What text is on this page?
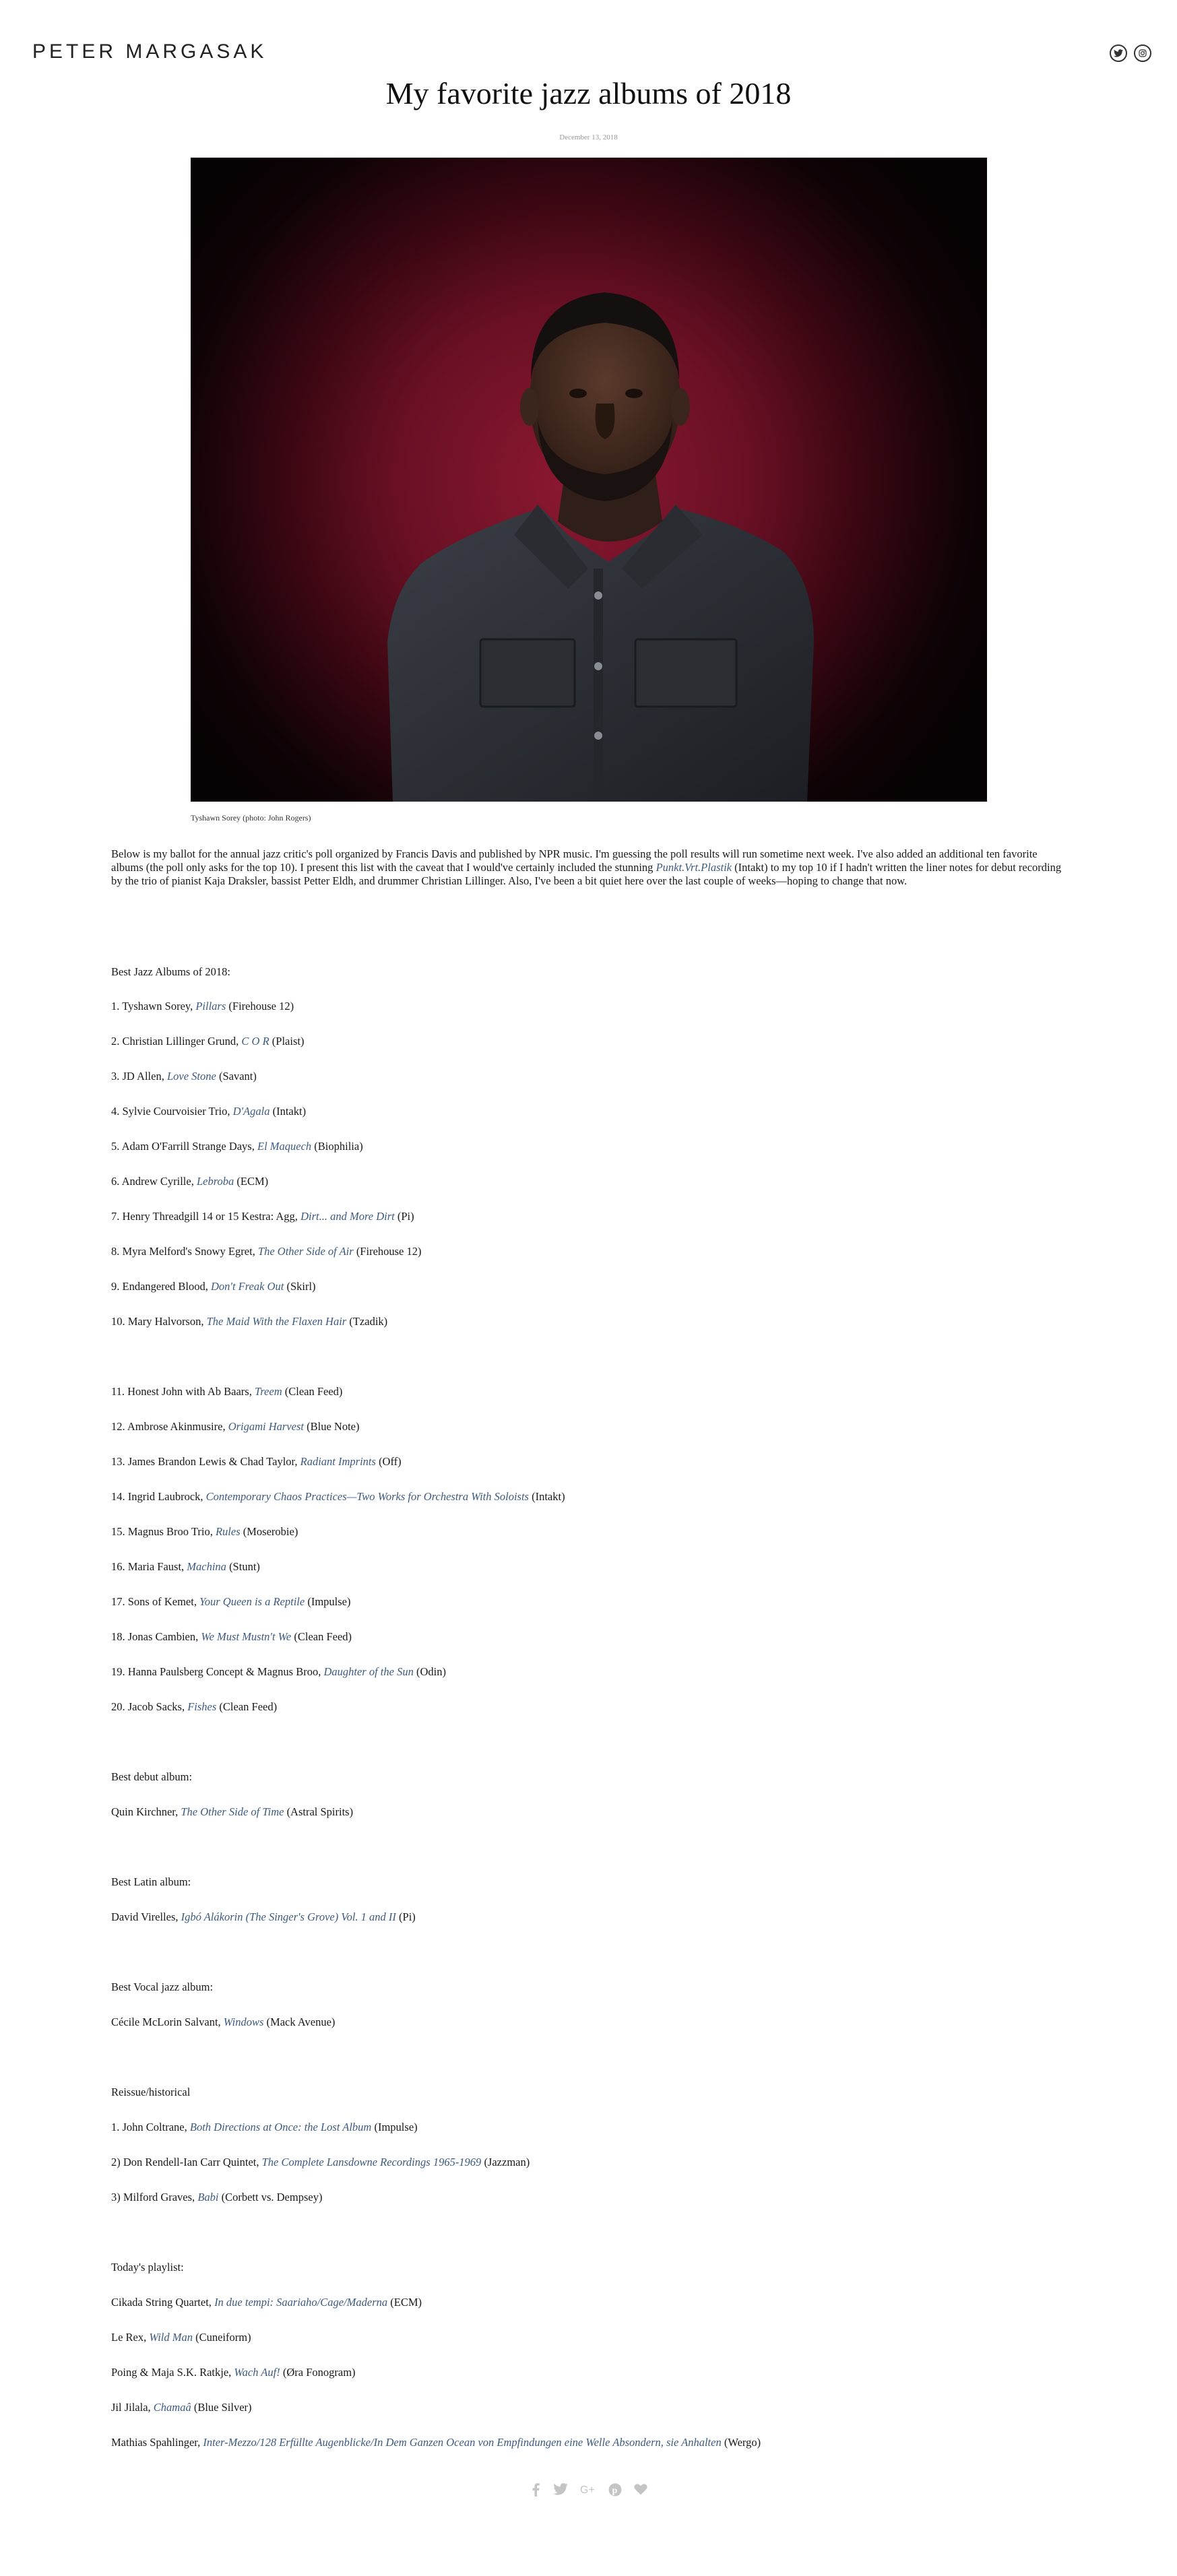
PETER MARGASAK
My favorite jazz albums of 2018
December 13, 2018
Tyshawn Sorey (photo: John Rogers)

Below is my ballot for the annual jazz critic's poll organized by Francis Davis and published by NPR music. I'm guessing the poll results will run sometime next week. I've also added an additional ten favorite albums (the poll only asks for the top 10). I present this list with the caveat that I would've certainly included the stunning Punkt.Vrt.Plastik (Intakt) to my top 10 if I hadn't written the liner notes for debut recording by the trio of pianist Kaja Draksler, bassist Petter Eldh, and drummer Christian Lillinger. Also, I've been a bit quiet here over the last couple of weeks—hoping to change that now.

Best Jazz Albums of 2018:

1. Tyshawn Sorey, Pillars (Firehouse 12)

2. Christian Lillinger Grund, C O R (Plaist)

3. JD Allen, Love Stone (Savant)

4. Sylvie Courvoisier Trio, D'Agala (Intakt)

5. Adam O'Farrill Strange Days, El Maquech (Biophilia)

6. Andrew Cyrille, Lebroba (ECM)

7. Henry Threadgill 14 or 15 Kestra: Agg, Dirt... and More Dirt (Pi)

8. Myra Melford's Snowy Egret, The Other Side of Air (Firehouse 12)

9. Endangered Blood, Don't Freak Out (Skirl)

10. Mary Halvorson, The Maid With the Flaxen Hair (Tzadik)

11. Honest John with Ab Baars, Treem (Clean Feed)

12. Ambrose Akinmusire, Origami Harvest (Blue Note)

13. James Brandon Lewis & Chad Taylor, Radiant Imprints (Off)

14. Ingrid Laubrock, Contemporary Chaos Practices—Two Works for Orchestra With Soloists (Intakt)

15. Magnus Broo Trio, Rules (Moserobie)

16. Maria Faust, Machina (Stunt)

17. Sons of Kemet, Your Queen is a Reptile (Impulse)

18. Jonas Cambien, We Must Mustn't We (Clean Feed)

19. Hanna Paulsberg Concept & Magnus Broo, Daughter of the Sun (Odin)

20. Jacob Sacks, Fishes (Clean Feed)

Best debut album:

Quin Kirchner, The Other Side of Time (Astral Spirits)

Best Latin album:

David Virelles, Igbó Alákorin (The Singer's Grove) Vol. 1 and II (Pi)

Best Vocal jazz album:

Cécile McLorin Salvant, Windows (Mack Avenue)

Reissue/historical

1. John Coltrane, Both Directions at Once: the Lost Album (Impulse)

2) Don Rendell-Ian Carr Quintet, The Complete Lansdowne Recordings 1965-1969 (Jazzman)

3) Milford Graves, Babi (Corbett vs. Dempsey)

Today's playlist:

Cikada String Quartet, In due tempi: Saariaho/Cage/Maderna (ECM)

Le Rex, Wild Man (Cuneiform)

Poing & Maja S.K. Ratkje, Wach Auf! (Øra Fonogram)

Jil Jilala, Chamaâ (Blue Silver)

Mathias Spahlinger, Inter-Mezzo/128 Erfüllte Augenblicke/In Dem Ganzen Ocean von Empfindungen eine Welle Absondern, sie Anhalten (Wergo)

G+ p
